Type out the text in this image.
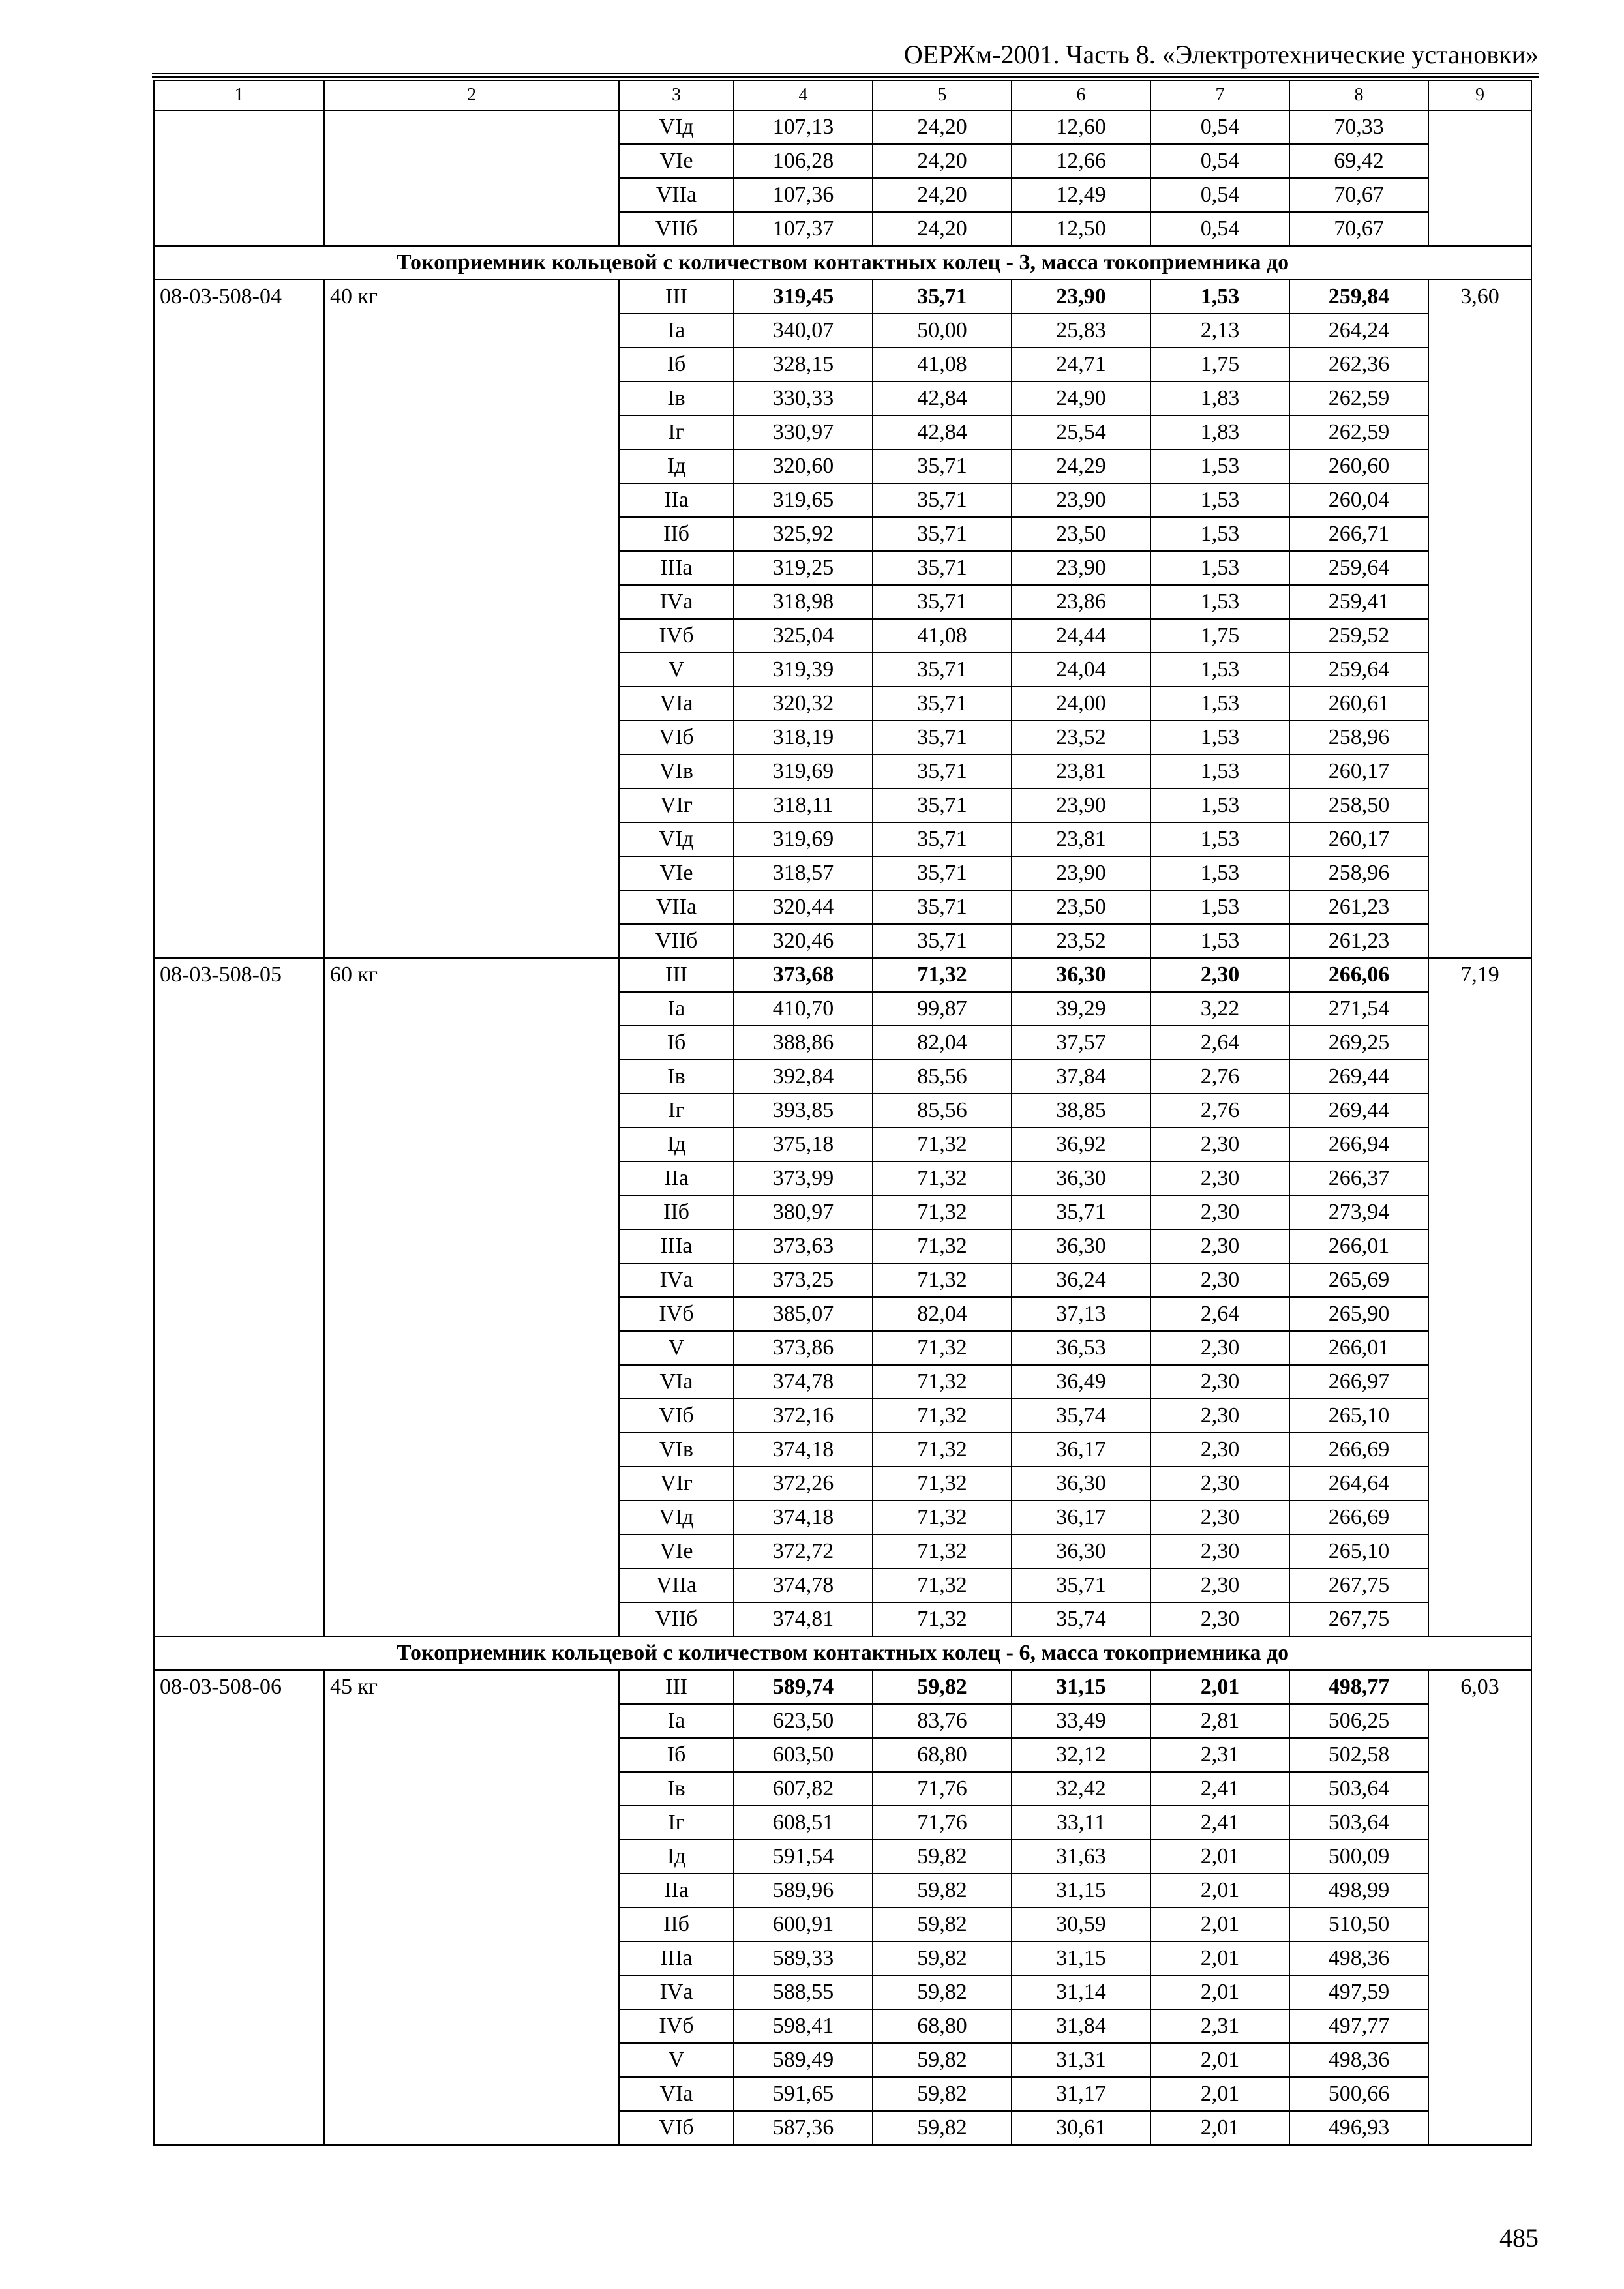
ОЕРЖм-2001. Часть 8. «Электротехнические установки»
1	2	3	4	5	6	7	8	9
		VIд	107,13	24,20	12,60	0,54	70,33	
		VIе	106,28	24,20	12,66	0,54	69,42	
		VIIа	107,36	24,20	12,49	0,54	70,67	
		VIIб	107,37	24,20	12,50	0,54	70,67	
Токоприемник кольцевой с количеством контактных колец - 3, масса токоприемника до								
08-03-508-04	40 кг	III	319,45	35,71	23,90	1,53	259,84	3,60
		Iа	340,07	50,00	25,83	2,13	264,24	
		Iб	328,15	41,08	24,71	1,75	262,36	
		Iв	330,33	42,84	24,90	1,83	262,59	
		Iг	330,97	42,84	25,54	1,83	262,59	
		Iд	320,60	35,71	24,29	1,53	260,60	
		IIа	319,65	35,71	23,90	1,53	260,04	
		IIб	325,92	35,71	23,50	1,53	266,71	
		IIIа	319,25	35,71	23,90	1,53	259,64	
		IVа	318,98	35,71	23,86	1,53	259,41	
		IVб	325,04	41,08	24,44	1,75	259,52	
		V	319,39	35,71	24,04	1,53	259,64	
		VIа	320,32	35,71	24,00	1,53	260,61	
		VIб	318,19	35,71	23,52	1,53	258,96	
		VIв	319,69	35,71	23,81	1,53	260,17	
		VIг	318,11	35,71	23,90	1,53	258,50	
		VIд	319,69	35,71	23,81	1,53	260,17	
		VIе	318,57	35,71	23,90	1,53	258,96	
		VIIа	320,44	35,71	23,50	1,53	261,23	
		VIIб	320,46	35,71	23,52	1,53	261,23	
08-03-508-05	60 кг	III	373,68	71,32	36,30	2,30	266,06	7,19
		Iа	410,70	99,87	39,29	3,22	271,54	
		Iб	388,86	82,04	37,57	2,64	269,25	
		Iв	392,84	85,56	37,84	2,76	269,44	
		Iг	393,85	85,56	38,85	2,76	269,44	
		Iд	375,18	71,32	36,92	2,30	266,94	
		IIа	373,99	71,32	36,30	2,30	266,37	
		IIб	380,97	71,32	35,71	2,30	273,94	
		IIIа	373,63	71,32	36,30	2,30	266,01	
		IVа	373,25	71,32	36,24	2,30	265,69	
		IVб	385,07	82,04	37,13	2,64	265,90	
		V	373,86	71,32	36,53	2,30	266,01	
		VIа	374,78	71,32	36,49	2,30	266,97	
		VIб	372,16	71,32	35,74	2,30	265,10	
		VIв	374,18	71,32	36,17	2,30	266,69	
		VIг	372,26	71,32	36,30	2,30	264,64	
		VIд	374,18	71,32	36,17	2,30	266,69	
		VIе	372,72	71,32	36,30	2,30	265,10	
		VIIа	374,78	71,32	35,71	2,30	267,75	
		VIIб	374,81	71,32	35,74	2,30	267,75	
Токоприемник кольцевой с количеством контактных колец - 6, масса токоприемника до								
08-03-508-06	45 кг	III	589,74	59,82	31,15	2,01	498,77	6,03
		Iа	623,50	83,76	33,49	2,81	506,25	
		Iб	603,50	68,80	32,12	2,31	502,58	
		Iв	607,82	71,76	32,42	2,41	503,64	
		Iг	608,51	71,76	33,11	2,41	503,64	
		Iд	591,54	59,82	31,63	2,01	500,09	
		IIа	589,96	59,82	31,15	2,01	498,99	
		IIб	600,91	59,82	30,59	2,01	510,50	
		IIIа	589,33	59,82	31,15	2,01	498,36	
		IVа	588,55	59,82	31,14	2,01	497,59	
		IVб	598,41	68,80	31,84	2,31	497,77	
		V	589,49	59,82	31,31	2,01	498,36	
		VIа	591,65	59,82	31,17	2,01	500,66	
		VIб	587,36	59,82	30,61	2,01	496,93	
485
